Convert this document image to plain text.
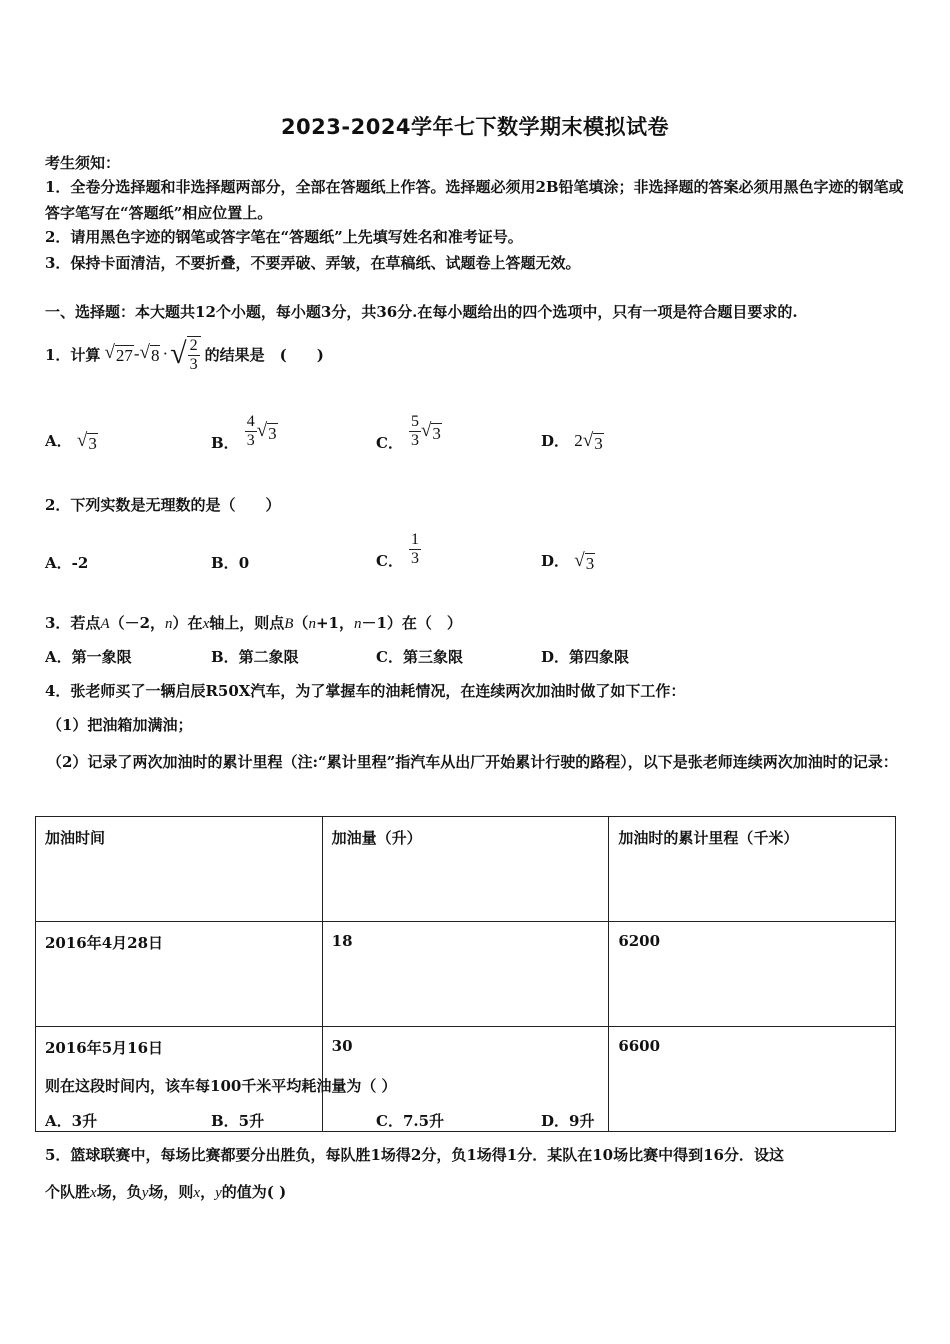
2023-2024学年七下数学期末模拟试卷
考生须知：
1．全卷分选择题和非选择题两部分，全部在答题纸上作答。选择题必须用2B铅笔填涂；非选择题的答案必须用黑色字迹的钢笔或答字笔写在“答题纸”相应位置上。
2．请用黑色字迹的钢笔或答字笔在“答题纸”上先填写姓名和准考证号。
3．保持卡面清洁，不要折叠，不要弄破、弄皱，在草稿纸、试题卷上答题无效。
一、选择题：本大题共12个小题，每小题3分，共36分.在每小题给出的四个选项中，只有一项是符合题目要求的.
1．计算 √ 27 - √ 8 · √ $\frac{2}{3}$ 的结果是　(　　)
A． √ 3	B． $\frac{4}{3}$ √ 3
C． $\frac{5}{3}$ √ 3	D． 2 √ 3
2．下列实数是无理数的是（　　）
A．-2	B．0	C． $\frac{1}{3}$	D． √ 3
3．若点A（－2，n）在x轴上，则点B（n+1，n－1）在（　）
A．第一象限	B．第二象限	C．第三象限	D．第四象限
4．张老师买了一辆启辰R50X汽车，为了掌握车的油耗情况，在连续两次加油时做了如下工作：
（1）把油箱加满油；
（2）记录了两次加油时的累计里程（注:“累计里程”指汽车从出厂开始累计行驶的路程），以下是张老师连续两次加油时的记录：
加油时间	加油量（升）	加油时的累计里程（千米）
2016年4月28日	18	6200
2016年5月16日	30	6600
则在这段时间内，该车每100千米平均耗油量为（ ）
A．3升	B．5升	C．7.5升	D．9升
5．篮球联赛中，每场比赛都要分出胜负，每队胜1场得2分，负1场得1分．某队在10场比赛中得到16分．设这
个队胜x场，负y场，则x，y的值为( )
